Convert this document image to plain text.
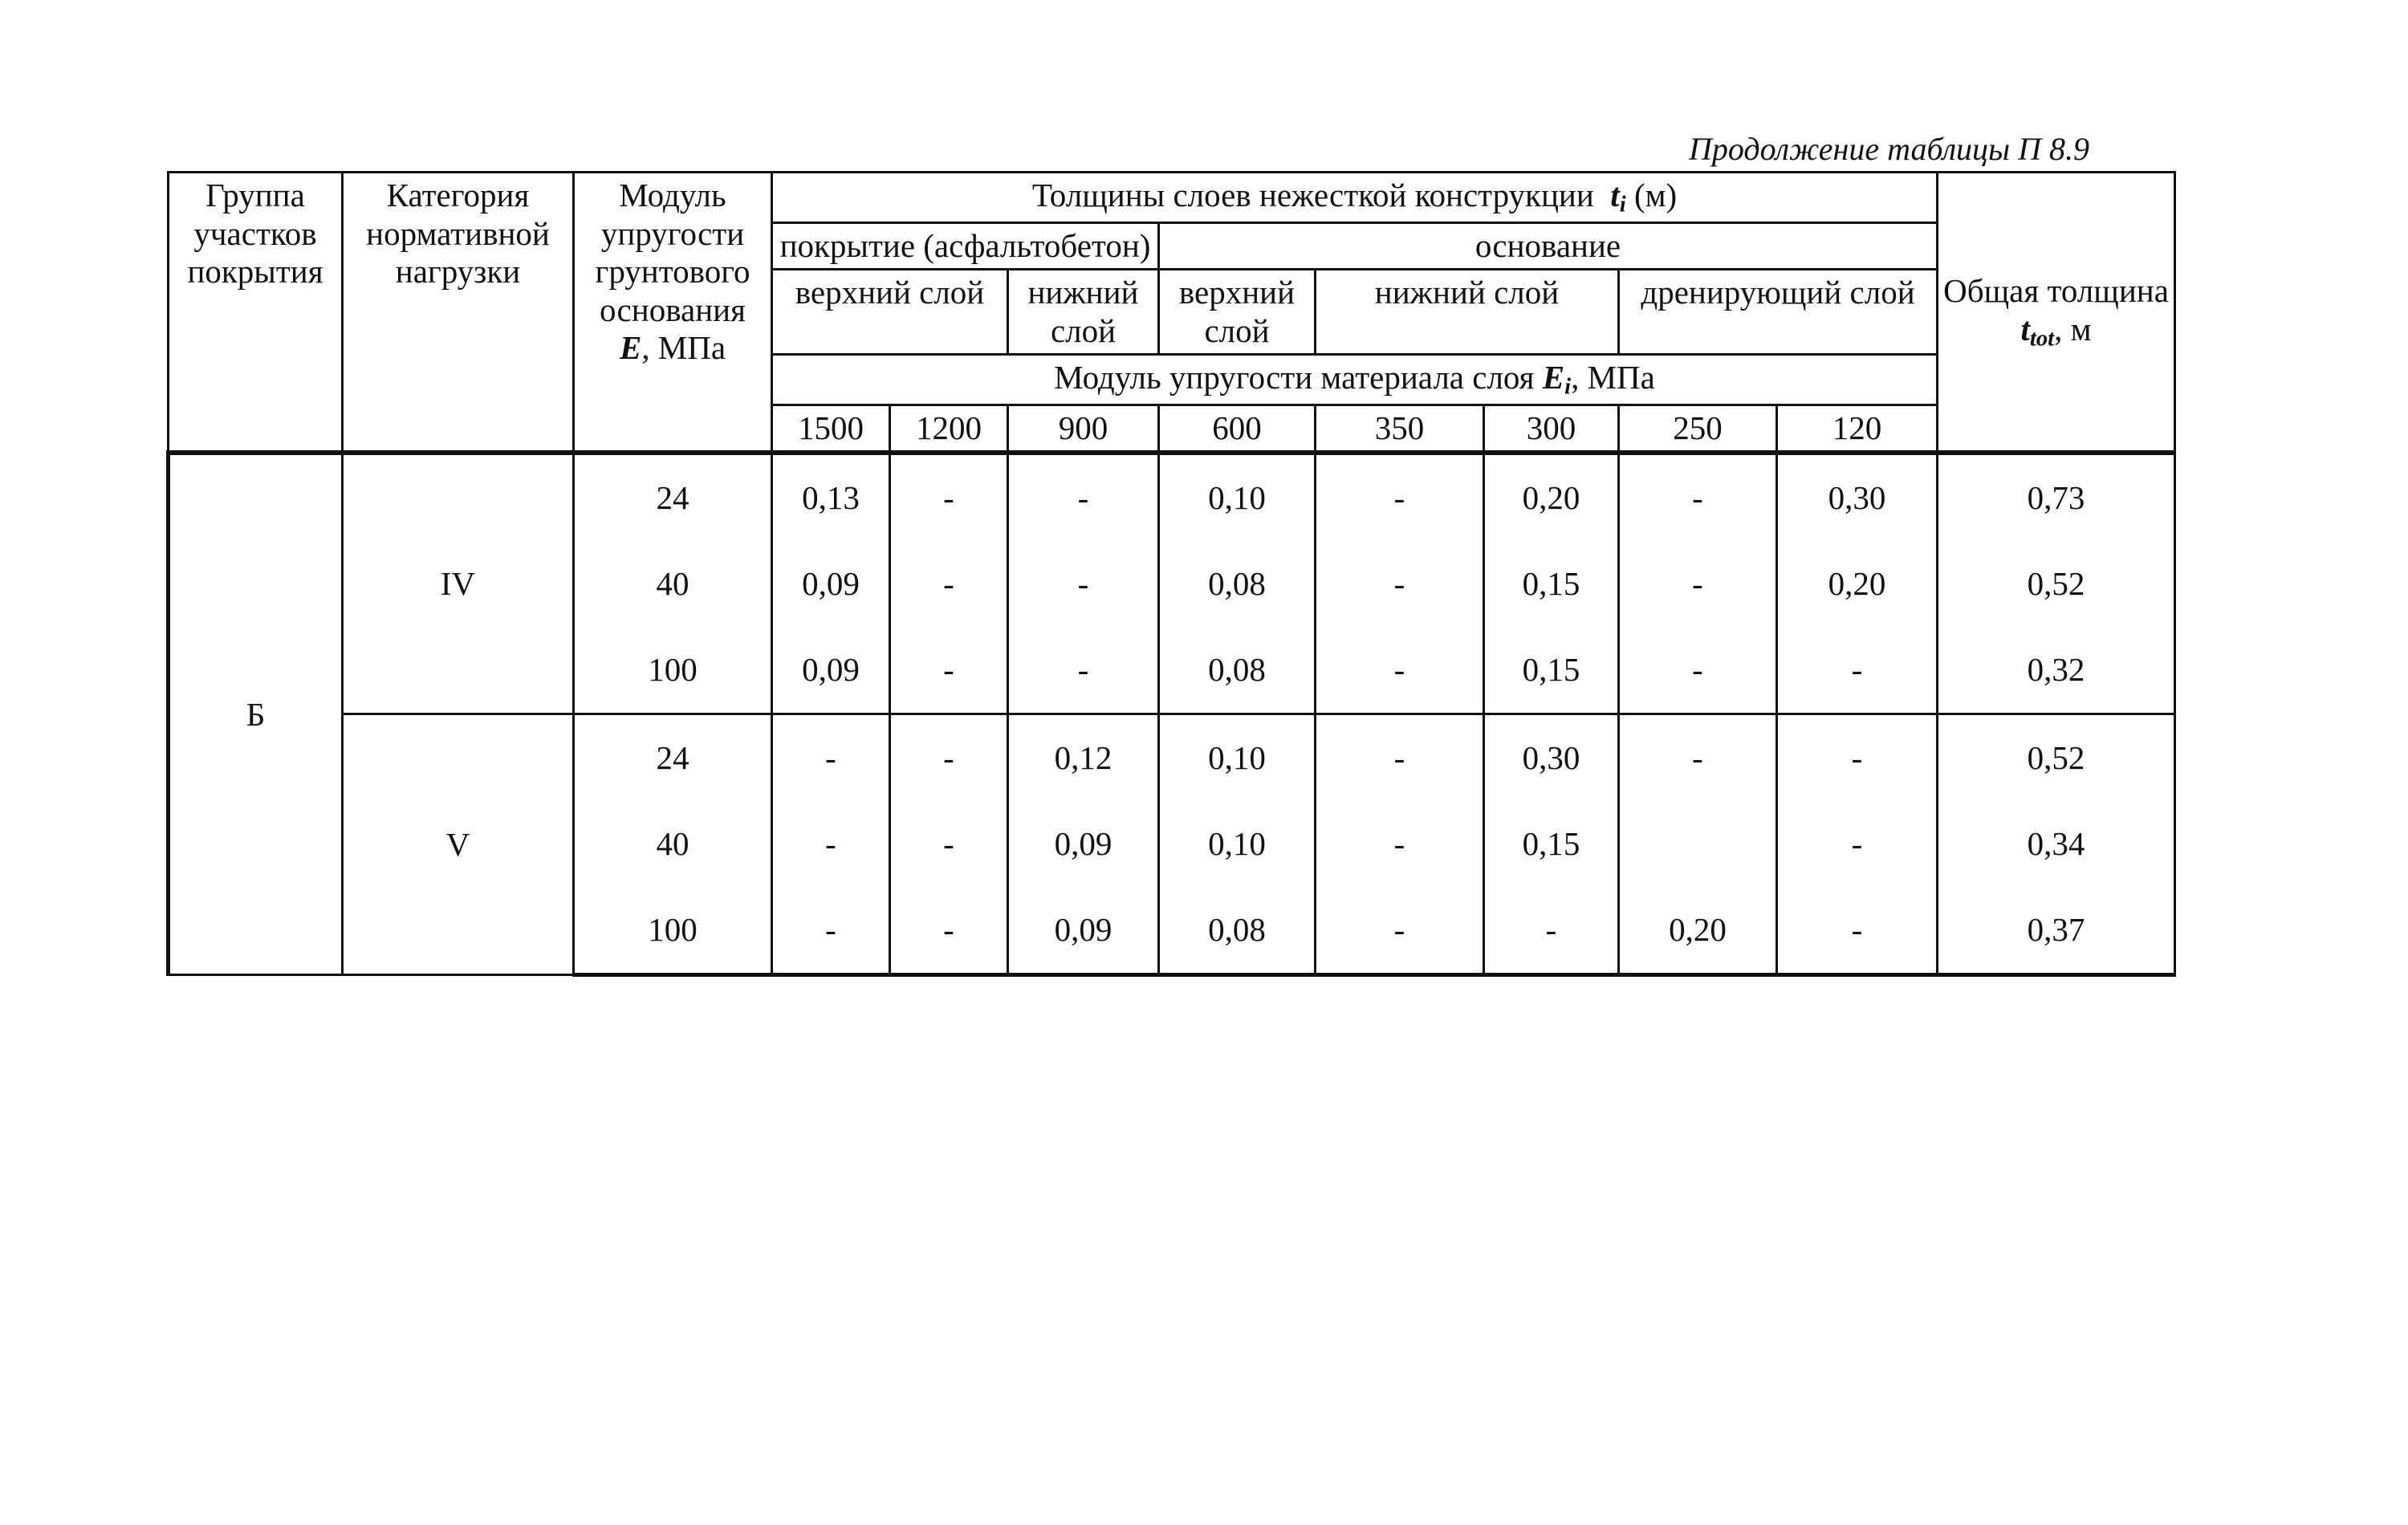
Продолжение таблицы П 8.9
Группа участков покрытия	Категория нормативной нагрузки	Модуль упругости грунтового основания
E, МПа	Толщины слоев нежесткой конструкции $t_i$ (м)								Общая толщина $t_{tot}$, м
			покрытие (асфальтобетон)			основание					
			верхний слой		нижний слой	верхний слой	нижний слой		дренирующий слой		
			Модуль упругости материала слоя $E_i$, МПа								
			1500	1200	900	600	350	300	250	120	
Б	IV	24	0,13	-	-	0,10	-	0,20	-	0,30	0,73
		40	0,09	-	-	0,08	-	0,15	-	0,20	0,52
		100	0,09	-	-	0,08	-	0,15	-	-	0,32
	V	24	-	-	0,12	0,10	-	0,30	-	-	0,52
		40	-	-	0,09	0,10	-	0,15		-	0,34
		100	-	-	0,09	0,08	-	-	0,20	-	0,37
